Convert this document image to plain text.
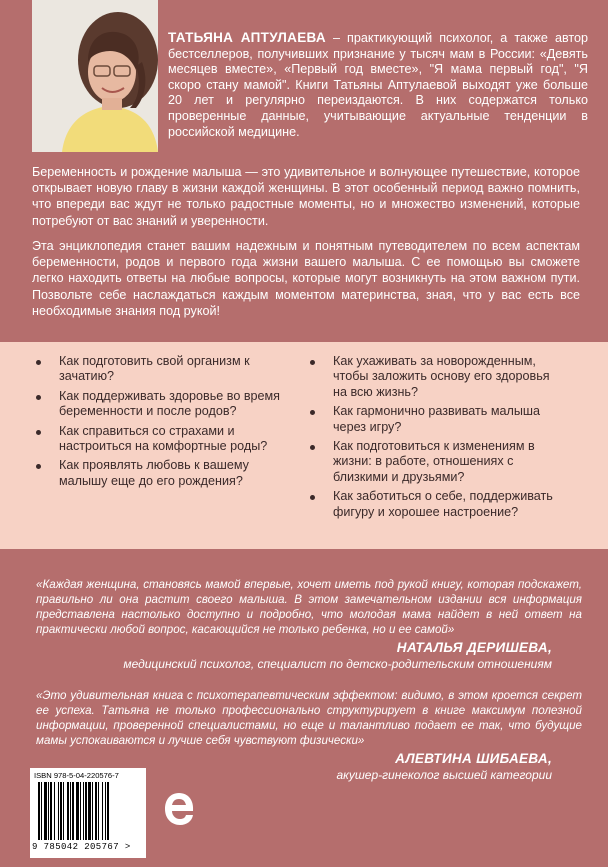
ТАТЬЯНА АПТУЛАЕВА – практикующий психолог, а также автор бестселлеров, получивших признание у тысяч мам в России: «Девять месяцев вместе», «Первый год вместе», "Я мама первый год", "Я скоро стану мамой". Книги Татьяны Аптулаевой выходят уже больше 20 лет и регулярно переиздаются. В них содержатся только проверенные данные, учитывающие актуальные тенденции в российской медицине.

Беременность и рождение малыша — это удивительное и волнующее путешествие, которое открывает новую главу в жизни каждой женщины. В этот особенный период важно помнить, что впереди вас ждут не только радостные моменты, но и множество изменений, которые потребуют от вас знаний и уверенности.

Эта энциклопедия станет вашим надежным и понятным путеводителем по всем аспектам беременности, родов и первого года жизни вашего малыша. С ее помощью вы сможете легко находить ответы на любые вопросы, которые могут возникнуть на этом важном пути. Позвольте себе наслаждаться каждым моментом материнства, зная, что у вас есть все необходимые знания под рукой!

Как подготовить свой организм к зачатию?
Как поддерживать здоровье во время беременности и после родов?
Как справиться со страхами и настроиться на комфортные роды?
Как проявлять любовь к вашему малышу еще до его рождения?
Как ухаживать за новорожденным, чтобы заложить основу его здоровья на всю жизнь?
Как гармонично развивать малыша через игру?
Как подготовиться к изменениям в жизни: в работе, отношениях с близкими и друзьями?
Как заботиться о себе, поддерживать фигуру и хорошее настроение?

«Каждая женщина, становясь мамой впервые, хочет иметь под рукой книгу, которая подскажет, правильно ли она растит своего малыша. В этом замечательном издании вся информация представлена настолько доступно и подробно, что молодая мама найдет в ней ответ на практически любой вопрос, касающийся не только ребенка, но и ее самой»

НАТАЛЬЯ ДЕРИШЕВА,
медицинский психолог, специалист по детско-родительским отношениям

«Это удивительная книга с психотерапевтическим эффектом: видимо, в этом кроется секрет ее успеха. Татьяна не только профессионально структурирует в книге максимум полезной информации, проверенной специалистами, но еще и талантливо подает ее так, что будущие мамы успокаиваются и лучше себя чувствуют физически»

АЛЕВТИНА ШИБАЕВА,
акушер-гинеколог высшей категории
ISBN 978-5-04-220576-7
9 785042 205767 >
